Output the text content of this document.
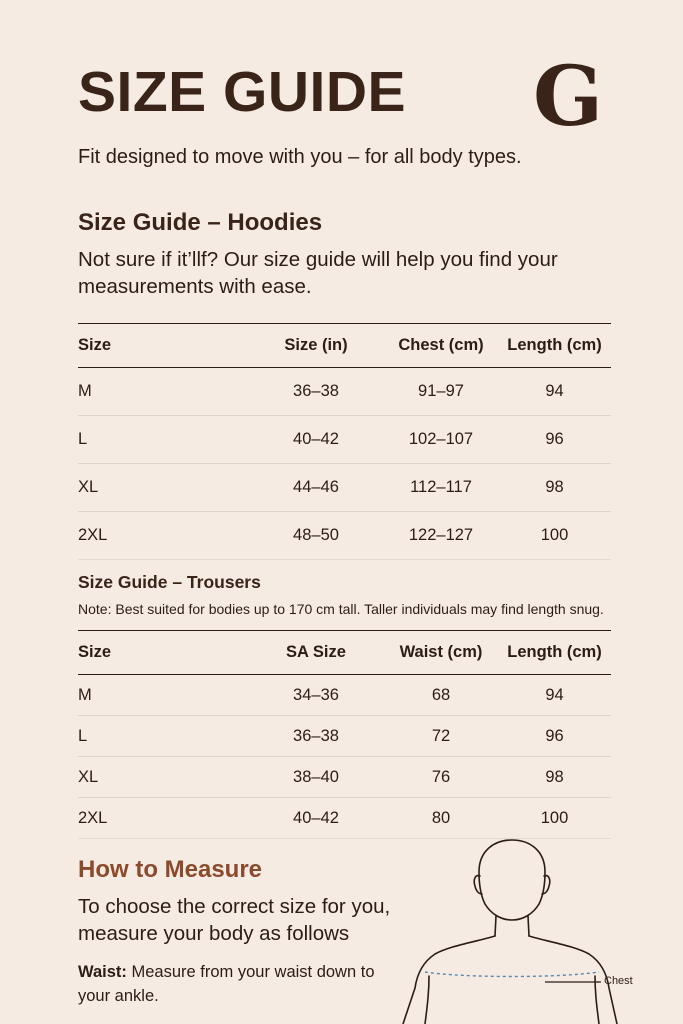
SIZE GUIDE G
Fit designed to move with you – for all body types.
Size Guide – Hoodies
Not sure if it’llf? Our size guide will help you find your measurements with ease.
Size	Size (in)	Chest (cm)	Length (cm)
M	36–38	91–97	94
L	40–42	102–107	96
XL	44–46	112–117	98
2XL	48–50	122–127	100
Size Guide – Trousers
Note: Best suited for bodies up to 170 cm tall. Taller individuals may find length snug.
Size	SA Size	Waist (cm)	Length (cm)
M	34–36	68	94
L	36–38	72	96
XL	38–40	76	98
2XL	40–42	80	100
How to Measure
To choose the correct size for you, measure your body as follows
Waist: Measure from your waist down to your ankle.
Chest
